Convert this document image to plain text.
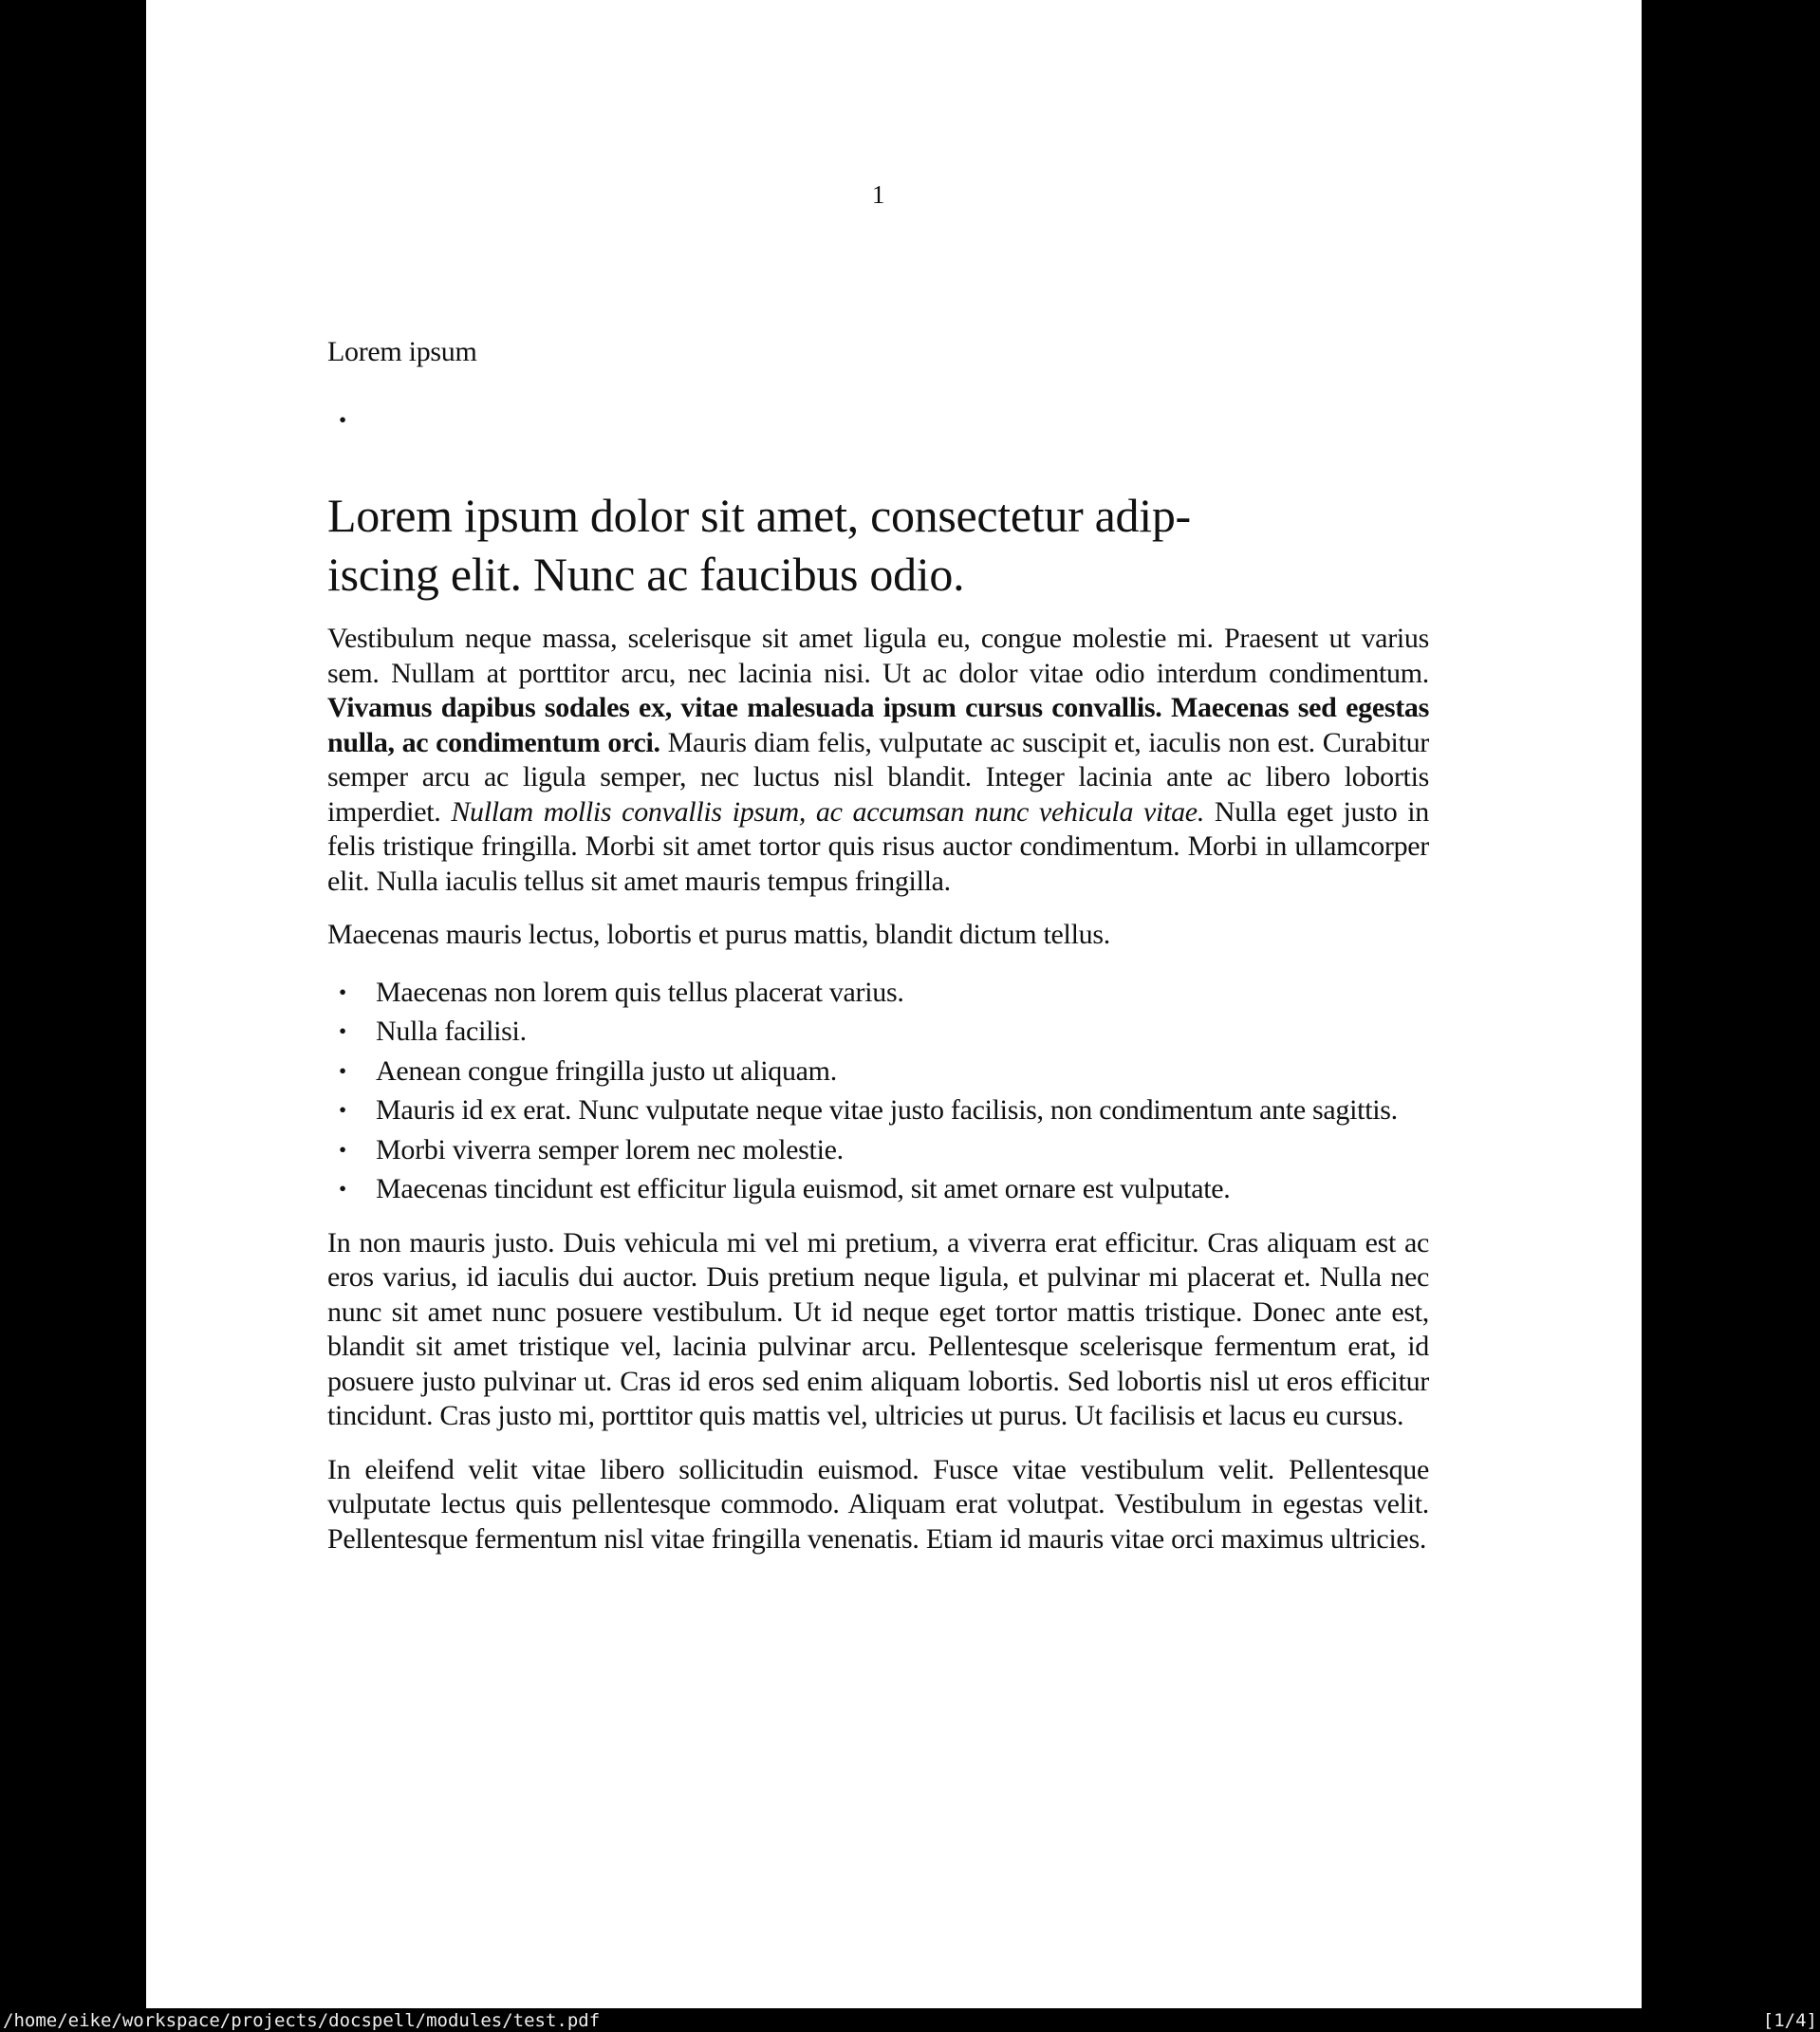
1
Lorem ipsum
•
Lorem ipsum dolor sit amet, consectetur adip-
iscing elit. Nunc ac faucibus odio.

Vestibulum neque massa, scelerisque sit amet ligula eu, congue molestie mi. Praesent ut varius sem. Nullam at porttitor arcu, nec lacinia nisi. Ut ac dolor vitae odio interdum condimentum. Vivamus dapibus sodales ex, vitae malesuada ipsum cursus convallis. Maecenas sed egestas nulla, ac condimentum orci. Mauris diam felis, vulputate ac suscipit et, iaculis non est. Curabitur semper arcu ac ligula semper, nec luctus nisl blandit. Integer lacinia ante ac libero lobortis imperdiet. Nullam mollis convallis ipsum, ac accumsan nunc vehicula vitae. Nulla eget justo in felis tristique fringilla. Morbi sit amet tortor quis risus auctor condimentum. Morbi in ullamcorper elit. Nulla iaculis tellus sit amet mauris tempus fringilla.

Maecenas mauris lectus, lobortis et purus mattis, blandit dictum tellus.

• Maecenas non lorem quis tellus placerat varius.
• Nulla facilisi.
• Aenean congue fringilla justo ut aliquam.
• Mauris id ex erat. Nunc vulputate neque vitae justo facilisis, non condimentum ante sagittis.
• Morbi viverra semper lorem nec molestie.
• Maecenas tincidunt est efficitur ligula euismod, sit amet ornare est vulputate.

In non mauris justo. Duis vehicula mi vel mi pretium, a viverra erat efficitur. Cras aliquam est ac eros varius, id iaculis dui auctor. Duis pretium neque ligula, et pulvinar mi placerat et. Nulla nec nunc sit amet nunc posuere vestibulum. Ut id neque eget tortor mattis tristique. Donec ante est, blandit sit amet tristique vel, lacinia pulvinar arcu. Pellentesque scelerisque fermentum erat, id posuere justo pulvinar ut. Cras id eros sed enim aliquam lobortis. Sed lobortis nisl ut eros efficitur tincidunt. Cras justo mi, porttitor quis mattis vel, ultricies ut purus. Ut facilisis et lacus eu cursus.

In eleifend velit vitae libero sollicitudin euismod. Fusce vitae vestibulum velit. Pellentesque vulputate lectus quis pellentesque commodo. Aliquam erat volutpat. Vestibulum in egestas velit. Pellentesque fermentum nisl vitae fringilla venenatis. Etiam id mauris vitae orci maximus ultricies.

/home/eike/workspace/projects/docspell/modules/test.pdf	[1/4]
